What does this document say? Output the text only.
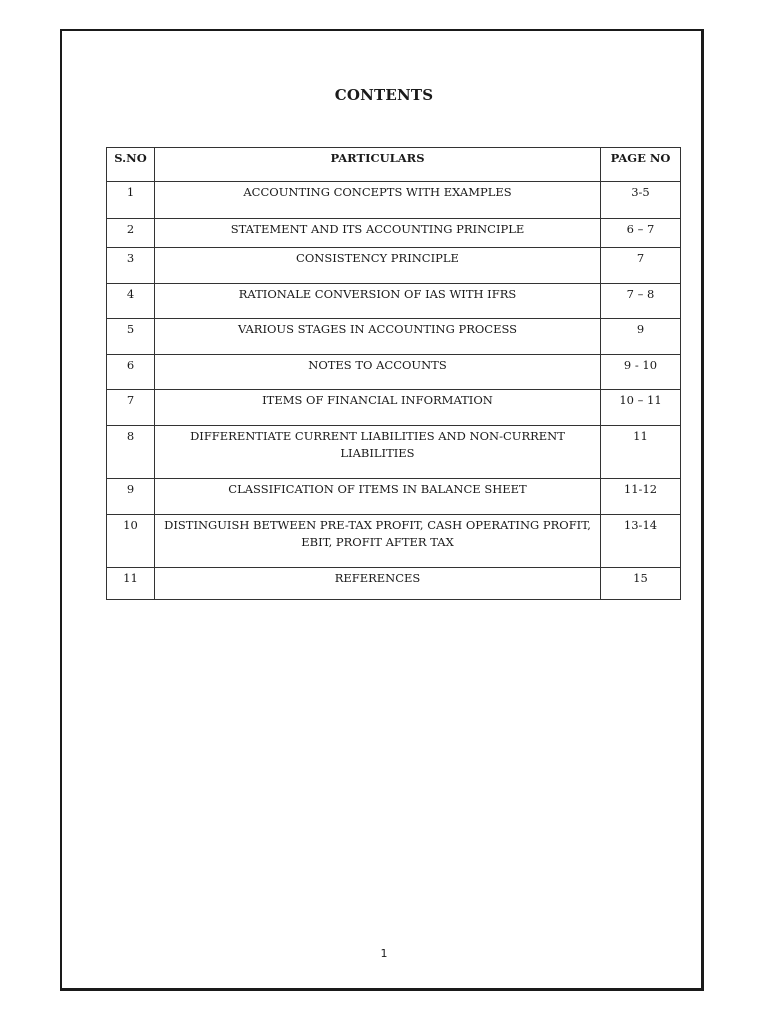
CONTENTS
S.NO	PARTICULARS	PAGE NO
1	ACCOUNTING CONCEPTS WITH EXAMPLES	3-5
2	STATEMENT AND ITS ACCOUNTING PRINCIPLE	6 – 7
3	CONSISTENCY PRINCIPLE	7
4	RATIONALE CONVERSION OF IAS WITH IFRS	7 – 8
5	VARIOUS STAGES IN ACCOUNTING PROCESS	9
6	NOTES TO ACCOUNTS	9 - 10
7	ITEMS OF FINANCIAL INFORMATION	10 – 11
8	DIFFERENTIATE CURRENT LIABILITIES AND NON-CURRENT LIABILITIES	11
9	CLASSIFICATION OF ITEMS IN BALANCE SHEET	11-12
10	DISTINGUISH BETWEEN PRE-TAX PROFIT, CASH OPERATING PROFIT, EBIT, PROFIT AFTER TAX	13-14
11	REFERENCES	15
1
